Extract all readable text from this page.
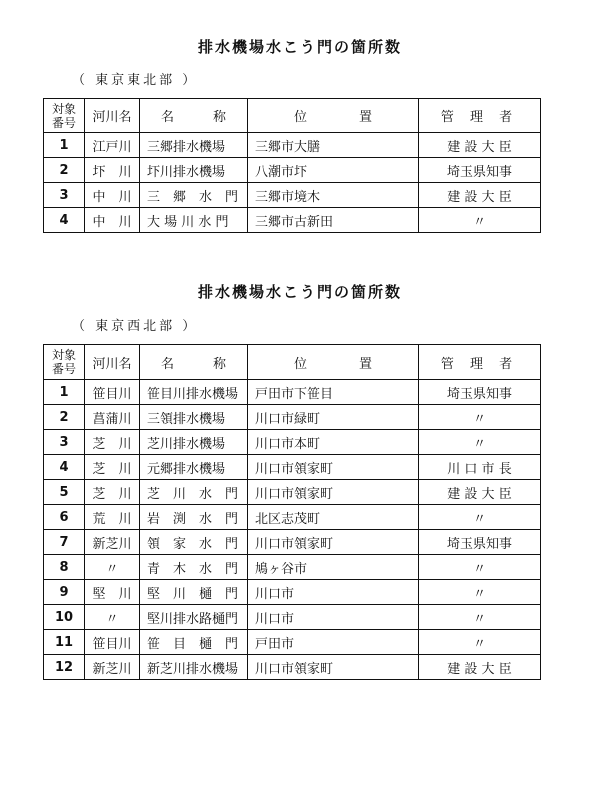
排水機場水こう門の箇所数
（ 東京東北部 ）
対象
番号	河川名	名　　　称	位　　　　置	管 理 者
1	江戸川	三郷排水機場	三郷市大膳	建 設 大 臣
2	圷　川	圷川排水機場	八潮市圷	埼玉県知事
3	中　川	三　郷　水　門	三郷市境木	建 設 大 臣
4	中　川	大 場 川 水 門	三郷市古新田	〃
排水機場水こう門の箇所数
（ 東京西北部 ）
対象
番号	河川名	名　　　称	位　　　　置	管 理 者
1	笹目川	笹目川排水機場	戸田市下笹目	埼玉県知事
2	菖蒲川	三領排水機場	川口市緑町	〃
3	芝　川	芝川排水機場	川口市本町	〃
4	芝　川	元郷排水機場	川口市領家町	川 口 市 長
5	芝　川	芝　川　水　門	川口市領家町	建 設 大 臣
6	荒　川	岩　渕　水　門	北区志茂町	〃
7	新芝川	領　家　水　門	川口市領家町	埼玉県知事
8	〃	青　木　水　門	鳩ヶ谷市	〃
9	堅　川	堅　川　樋　門	川口市	〃
10	〃	堅川排水路樋門	川口市	〃
11	笹目川	笹　目　樋　門	戸田市	〃
12	新芝川	新芝川排水機場	川口市領家町	建 設 大 臣
